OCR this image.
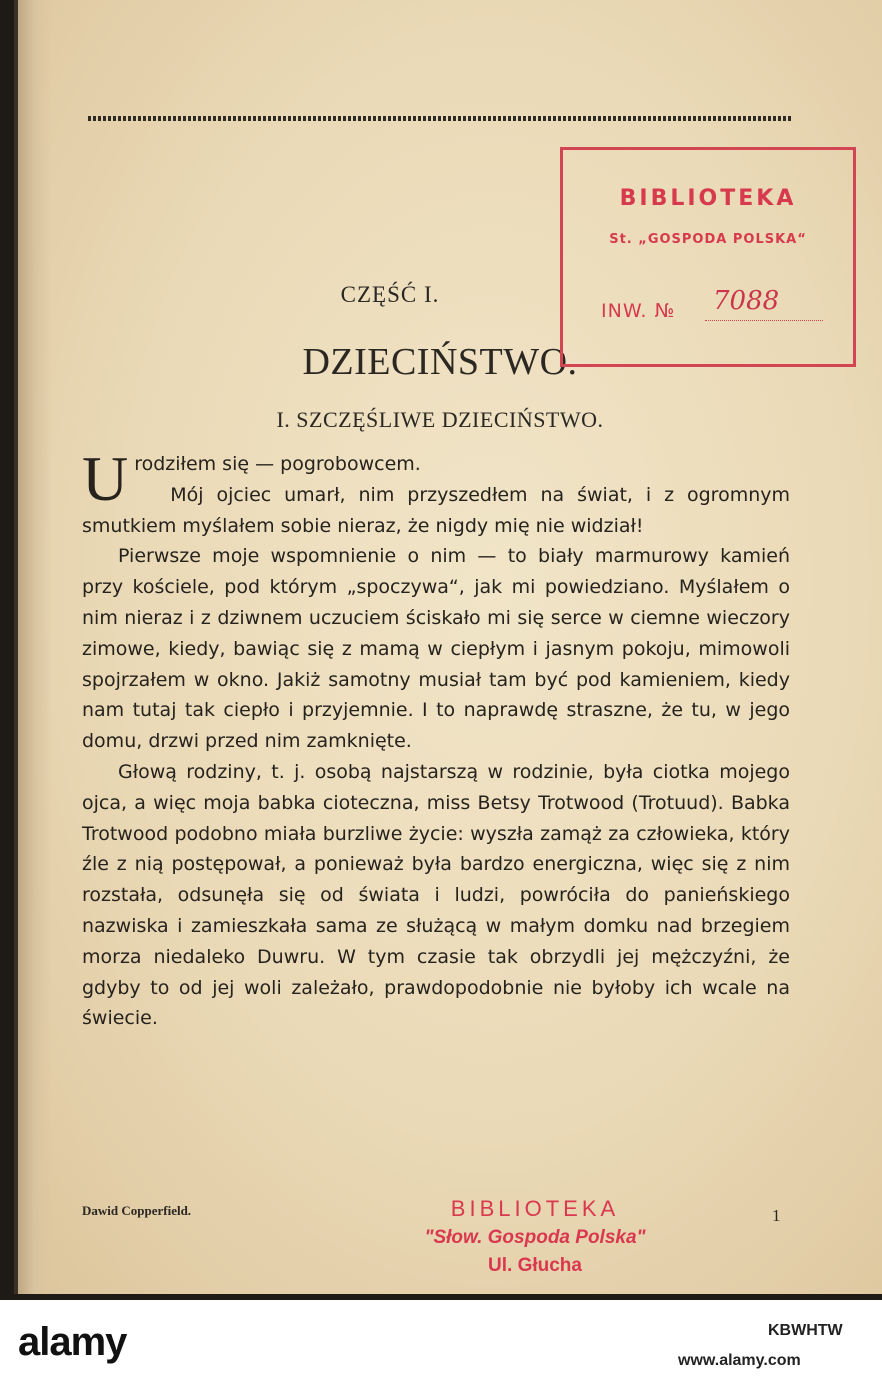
CZĘŚĆ I.
DZIECIŃSTWO.
I. SZCZĘŚLIWE DZIECIŃSTWO.
U rodziłem się — pogrobowcem.

Mój ojciec umarł, nim przyszedłem na świat, i z ogromnym smutkiem myślałem sobie nieraz, że nigdy mię nie widział!

Pierwsze moje wspomnienie o nim — to biały marmurowy kamień przy kościele, pod którym „spoczywa“, jak mi powiedziano. Myślałem o nim nieraz i z dziwnem uczuciem ściskało mi się serce w ciemne wieczory zimowe, kiedy, bawiąc się z mamą w ciepłym i jasnym pokoju, mimowoli spojrzałem w okno. Jakiż samotny musiał tam być pod kamieniem, kiedy nam tutaj tak ciepło i przyjemnie. I to naprawdę straszne, że tu, w jego domu, drzwi przed nim zamknięte.

Głową rodziny, t. j. osobą najstarszą w rodzinie, była ciotka mojego ojca, a więc moja babka cioteczna, miss Betsy Trotwood (Trotuud). Babka Trotwood podobno miała burzliwe życie: wyszła zamąż za człowieka, który źle z nią postępował, a ponieważ była bardzo energiczna, więc się z nim rozstała, odsunęła się od świata i ludzi, powróciła do panieńskiego nazwiska i zamieszkała sama ze służącą w małym domku nad brzegiem morza niedaleko Duwru. W tym czasie tak obrzydli jej mężczyźni, że gdyby to od jej woli zależało, prawdopodobnie nie byłoby ich wcale na świecie.

Dawid Copperfield.	1
BIBLIOTEKA
St. „GOSPODA POLSKA“
INW. № 7088
BIBLIOTEKA
"Słow. Gospoda Polska"
Ul. Głucha
alamy	KBWHTW
www.alamy.com
